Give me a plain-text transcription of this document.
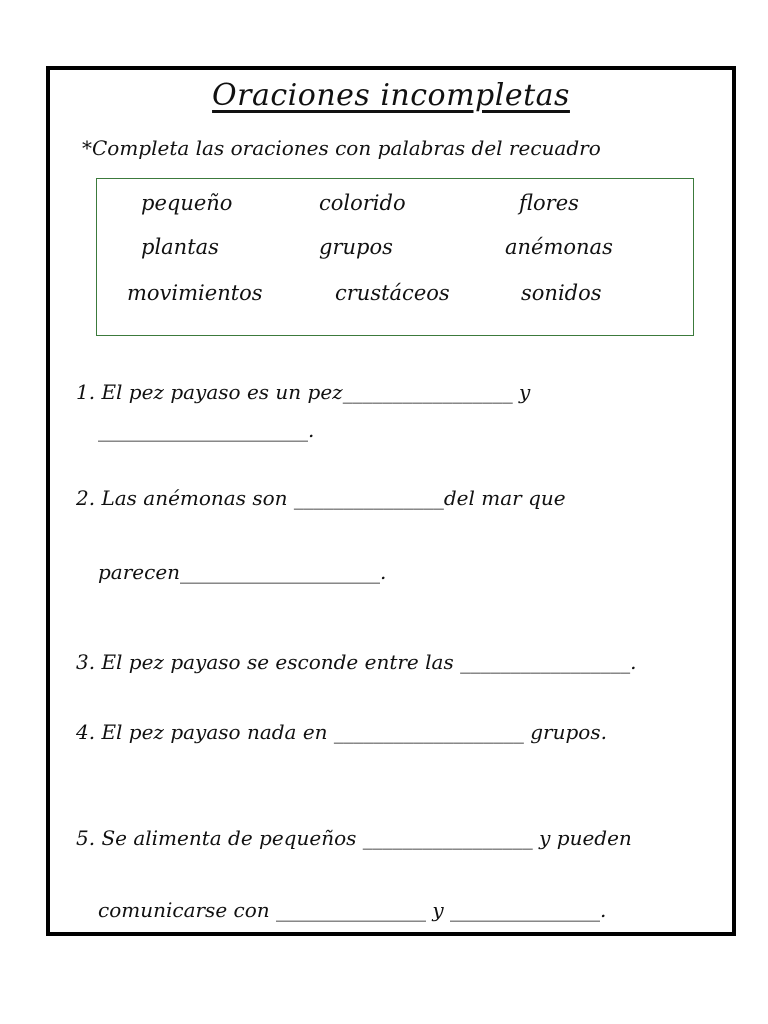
Oraciones incompletas
*Completa las oraciones con palabras del recuadro
pequeño	colorido	flores
plantas	grupos	anémonas
movimientos	crustáceos	sonidos
1. El pez payaso es un pez_________________ y
_____________________.
2. Las anémonas son _______________del mar que
parecen____________________.
3. El pez payaso se esconde entre las _________________.
4. El pez payaso nada en ___________________ grupos.
5. Se alimenta de pequeños _________________ y pueden
comunicarse con _______________ y _______________.
